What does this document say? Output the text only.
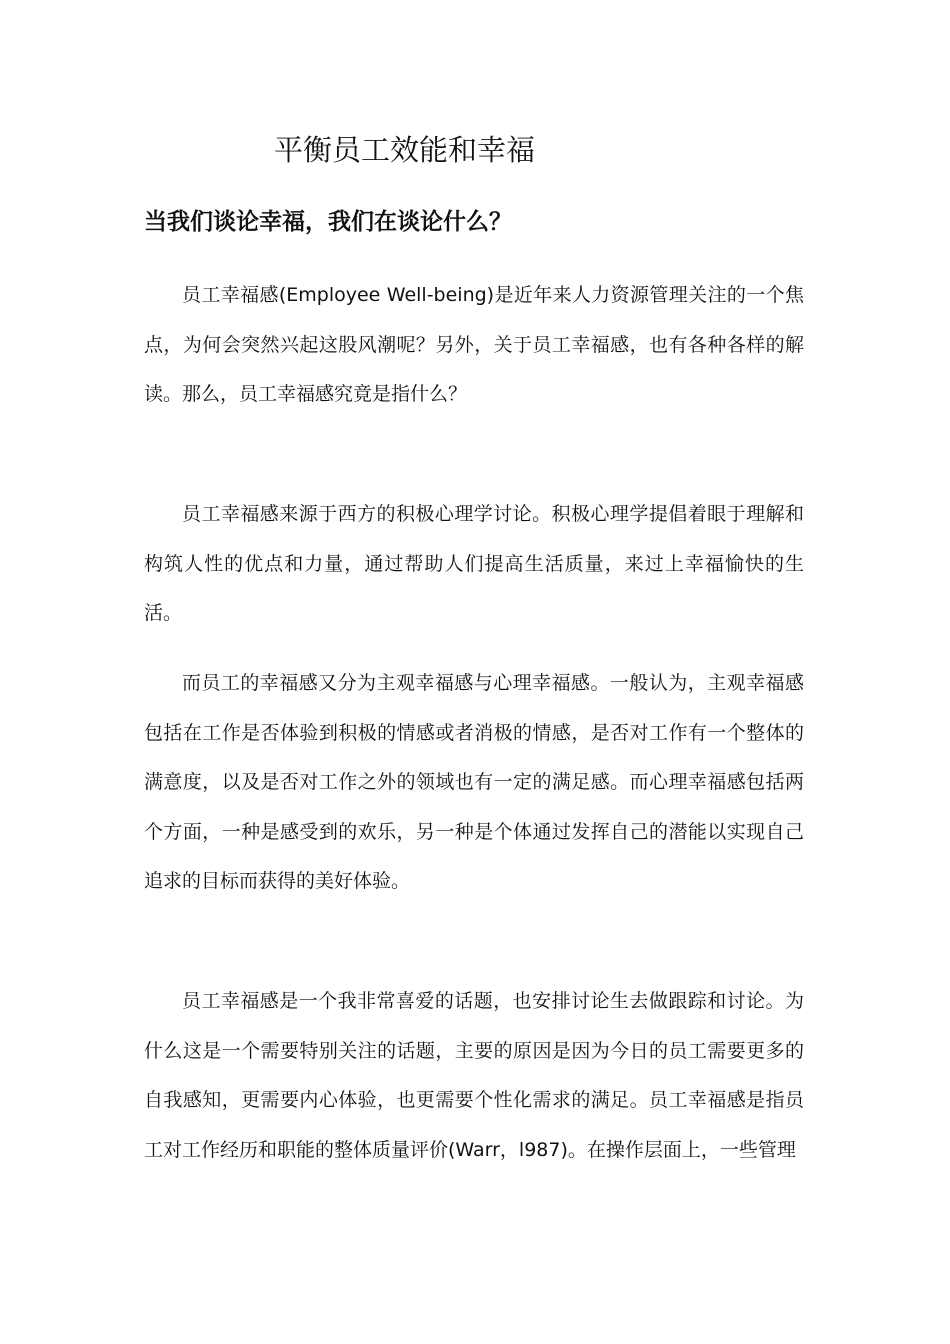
平衡员工效能和幸福
当我们谈论幸福，我们在谈论什么？

员工幸福感(Employee Well-being)是近年来人力资源管理关注的一个焦点，为何会突然兴起这股风潮呢？另外，关于员工幸福感，也有各种各样的解读。那么，员工幸福感究竟是指什么？

员工幸福感来源于西方的积极心理学讨论。积极心理学提倡着眼于理解和构筑人性的优点和力量，通过帮助人们提高生活质量，来过上幸福愉快的生活。

而员工的幸福感又分为主观幸福感与心理幸福感。一般认为，主观幸福感包括在工作是否体验到积极的情感或者消极的情感，是否对工作有一个整体的满意度，以及是否对工作之外的领域也有一定的满足感。而心理幸福感包括两个方面，一种是感受到的欢乐，另一种是个体通过发挥自己的潜能以实现自己追求的目标而获得的美好体验。

员工幸福感是一个我非常喜爱的话题，也安排讨论生去做跟踪和讨论。为什么这是一个需要特别关注的话题，主要的原因是因为今日的员工需要更多的自我感知，更需要内心体验，也更需要个性化需求的满足。员工幸福感是指员工对工作经历和职能的整体质量评价(Warr，l987)。在操作层面上，一些管理
